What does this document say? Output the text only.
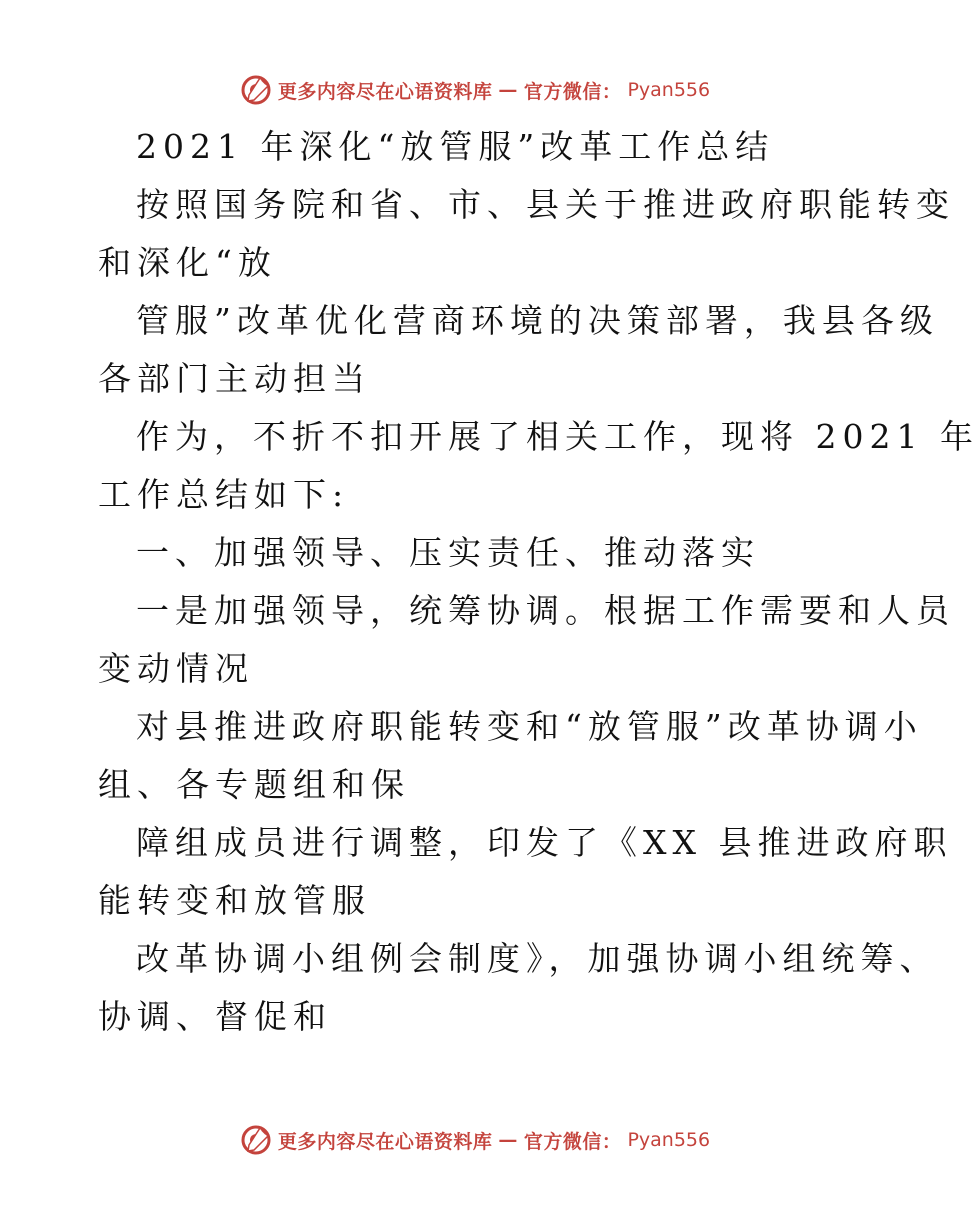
更多内容尽在心语资料库 — 官方微信： Pyan556
2021 年深化“放管服”改革工作总结
按照国务院和省、市、县关于推进政府职能转变
和深化“放
管服”改革优化营商环境的决策部署，我县各级
各部门主动担当
作为，不折不扣开展了相关工作，现将 2021 年
工作总结如下:
一、加强领导、压实责任、推动落实
一是加强领导，统筹协调。根据工作需要和人员
变动情况
对县推进政府职能转变和“放管服”改革协调小
组、各专题组和保
障组成员进行调整，印发了《XX 县推进政府职
能转变和放管服
改革协调小组例会制度》，加强协调小组统筹、
协调、督促和
更多内容尽在心语资料库 — 官方微信： Pyan556
